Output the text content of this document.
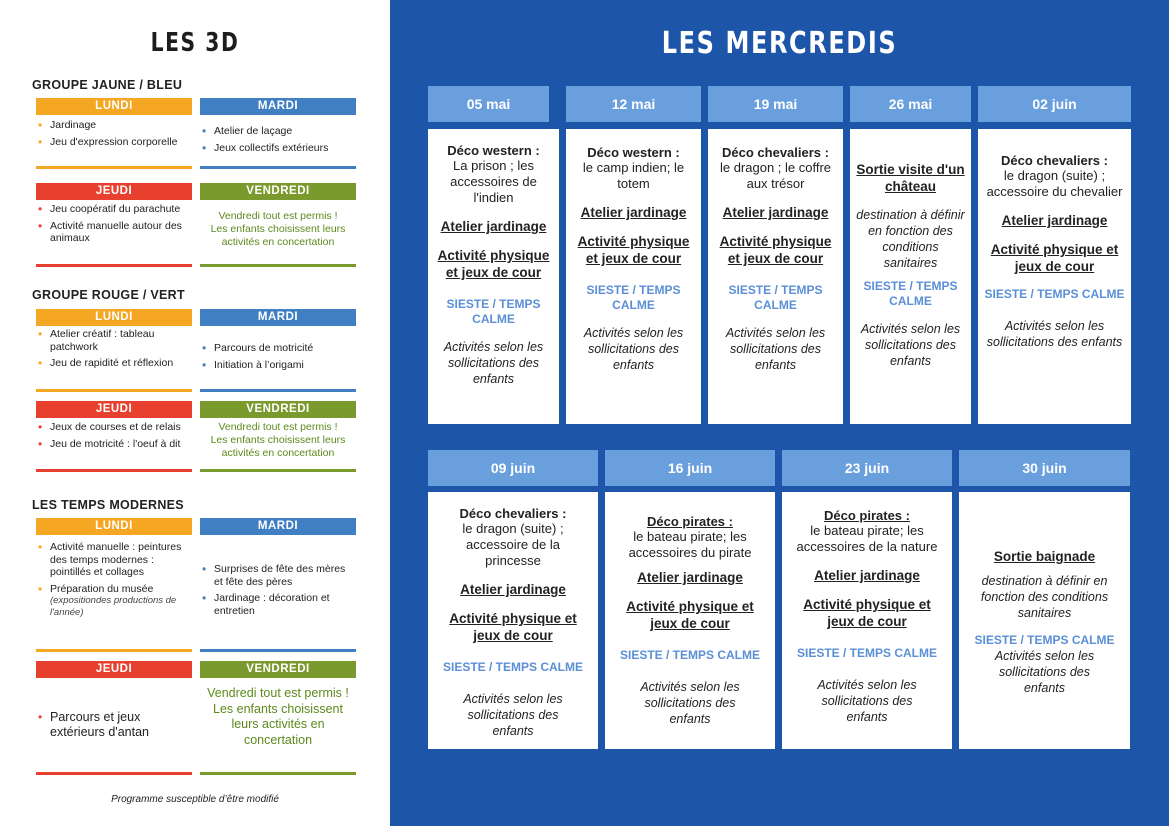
LES 3D
GROUPE JAUNE / BLEU
LUNDI
• Jardinage
• Jeu d'expression corporelle
MARDI
• Atelier de laçage
• Jeux collectifs extérieurs
JEUDI
• Jeu coopératif du parachute
• Activité manuelle autour des animaux
VENDREDI
Vendredi tout est permis !
Les enfants choisissent leurs activités en concertation
GROUPE ROUGE / VERT
LUNDI
• Atelier créatif : tableau patchwork
• Jeu de rapidité et réflexion
MARDI
• Parcours de motricité
• Initiation à l’origami
JEUDI
• Jeux de courses et de relais
• Jeu de motricité : l'oeuf à dit
VENDREDI
Vendredi tout est permis !
Les enfants choisissent leurs activités en concertation
LES TEMPS MODERNES
LUNDI
• Activité manuelle : peintures des temps modernes : pointillés et collages
• Préparation du musée
(expositiondes productions de l'année)
MARDI
• Surprises de fête des mères et fête des pères
• Jardinage : décoration et entretien
JEUDI
• Parcours et jeux extérieurs d'antan
VENDREDI
Vendredi tout est permis !
Les enfants choisissent leurs activités en concertation
Programme susceptible d’être modifié
LES MERCREDIS
05 mai	12 mai	19 mai	26 mai	02 juin
Déco western :
La prison ; les accessoires de l'indien
Atelier jardinage
Activité physique et jeux de cour
SIESTE / TEMPS CALME
Activités selon les sollicitations des enfants
Déco western :
le camp indien; le totem
Atelier jardinage
Activité physique et jeux de cour
SIESTE / TEMPS CALME
Activités selon les sollicitations des enfants
Déco chevaliers :
le dragon ; le coffre aux trésor
Atelier jardinage
Activité physique et jeux de cour
SIESTE / TEMPS CALME
Activités selon les sollicitations des enfants
Sortie visite d'un château
destination à définir en fonction des conditions sanitaires
SIESTE / TEMPS CALME
Activités selon les sollicitations des enfants
Déco chevaliers :
le dragon (suite) ; accessoire du chevalier
Atelier jardinage
Activité physique et jeux de cour
SIESTE / TEMPS CALME
Activités selon les sollicitations des enfants
09 juin	16 juin	23 juin	30 juin
Déco chevaliers :
le dragon (suite) ; accessoire de la princesse
Atelier jardinage
Activité physique et jeux de cour
SIESTE / TEMPS CALME
Activités selon les sollicitations des enfants
Déco pirates :
le bateau pirate; les accessoires du pirate
Atelier jardinage
Activité physique et jeux de cour
SIESTE / TEMPS CALME
Activités selon les sollicitations des enfants
Déco pirates :
le bateau pirate; les accessoires de la nature
Atelier jardinage
Activité physique et jeux de cour
SIESTE / TEMPS CALME
Activités selon les sollicitations des enfants
Sortie baignade
destination à définir en fonction des conditions sanitaires
SIESTE / TEMPS CALME
Activités selon les sollicitations des enfants
